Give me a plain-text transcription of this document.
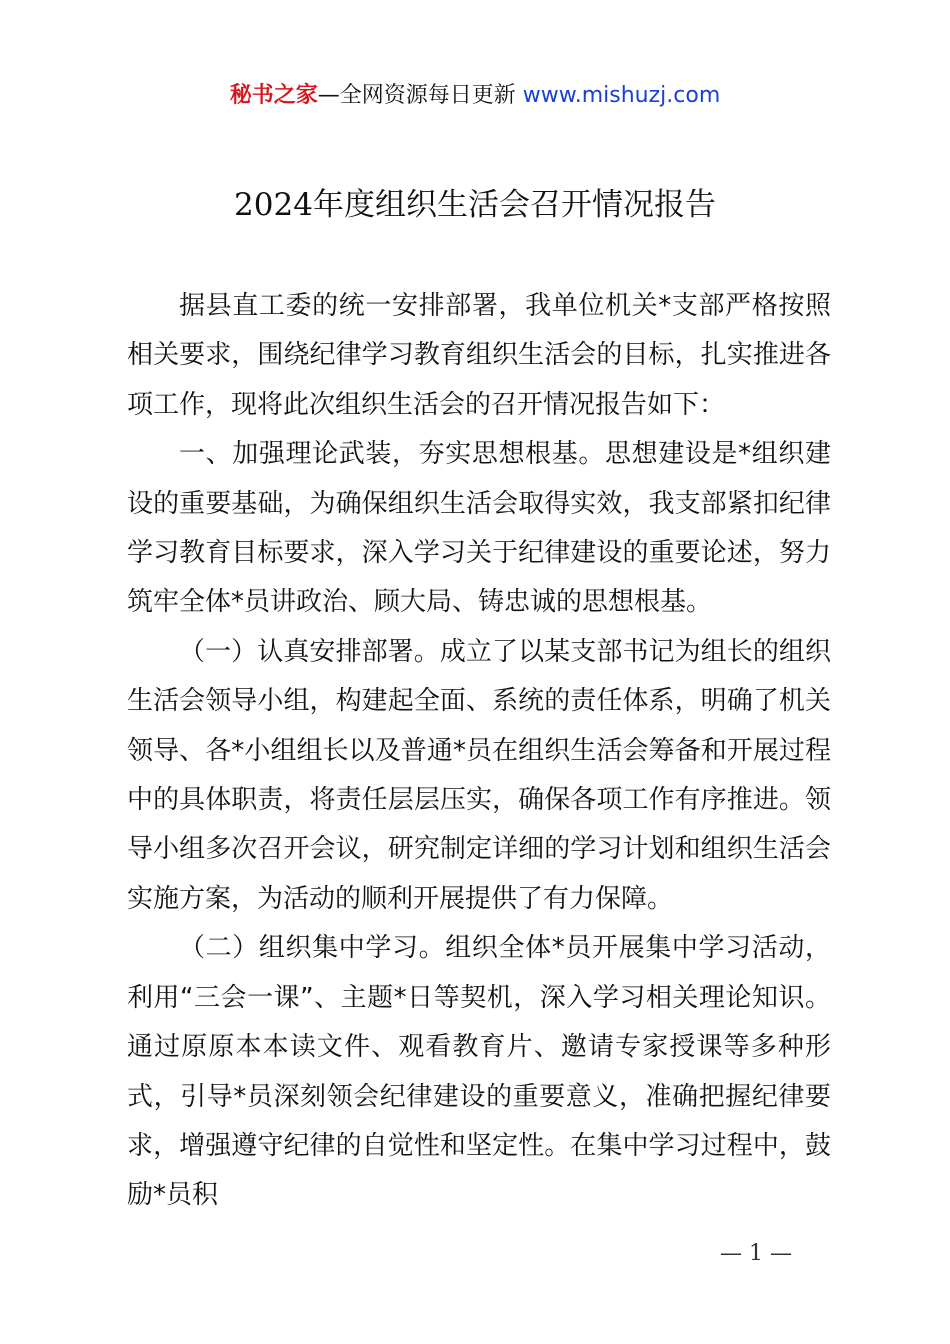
秘书之家—全网资源每日更新 www.mishuzj.com
2024年度组织生活会召开情况报告

据县直工委的统一安排部署，我单位机关*支部严格按照相关要求，围绕纪律学习教育组织生活会的目标，扎实推进各项工作，现将此次组织生活会的召开情况报告如下：

一、加强理论武装，夯实思想根基。思想建设是*组织建设的重要基础，为确保组织生活会取得实效，我支部紧扣纪律学习教育目标要求，深入学习关于纪律建设的重要论述，努力筑牢全体*员讲政治、顾大局、铸忠诚的思想根基。

（一）认真安排部署。成立了以某支部书记为组长的组织生活会领导小组，构建起全面、系统的责任体系，明确了机关领导、各*小组组长以及普通*员在组织生活会筹备和开展过程中的具体职责，将责任层层压实，确保各项工作有序推进。领导小组多次召开会议，研究制定详细的学习计划和组织生活会实施方案，为活动的顺利开展提供了有力保障。

（二）组织集中学习。组织全体*员开展集中学习活动，利用“三会一课”、主题*日等契机，深入学习相关理论知识。通过原原本本读文件、观看教育片、邀请专家授课等多种形式，引导*员深刻领会纪律建设的重要意义，准确把握纪律要求，增强遵守纪律的自觉性和坚定性。在集中学习过程中，鼓励*员积

— 1 —
